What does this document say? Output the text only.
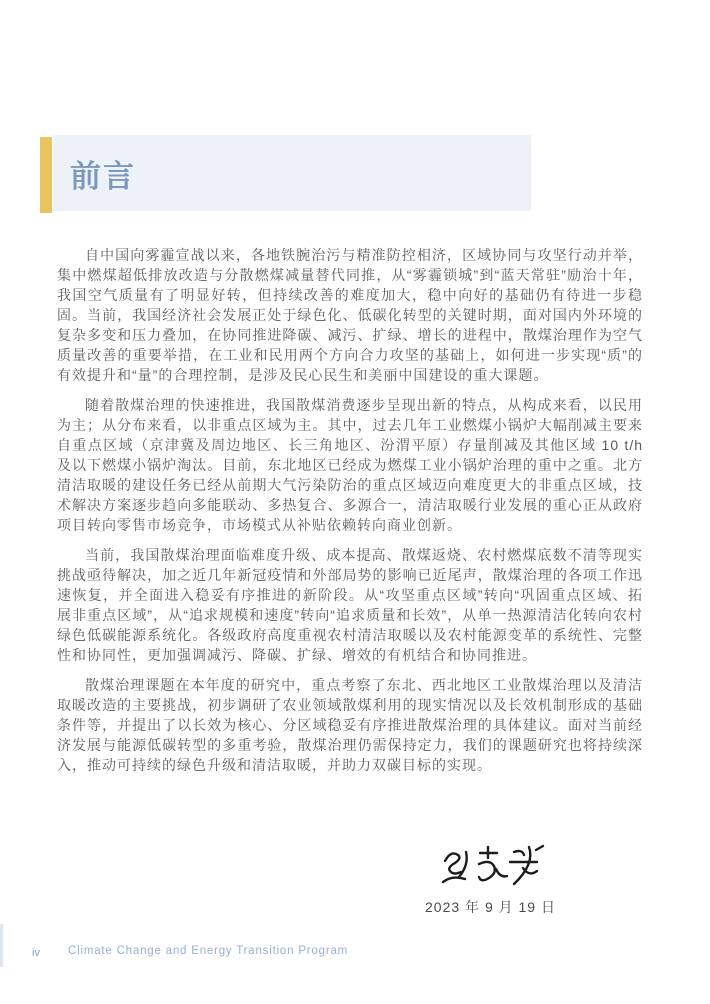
前言

自中国向雾霾宣战以来，各地铁腕治污与精准防控相济，区域协同与攻坚行动并举，集中燃煤超低排放改造与分散燃煤减量替代同推，从“雾霾锁城”到“蓝天常驻”励治十年，我国空气质量有了明显好转，但持续改善的难度加大，稳中向好的基础仍有待进一步稳固。当前，我国经济社会发展正处于绿色化、低碳化转型的关键时期，面对国内外环境的复杂多变和压力叠加，在协同推进降碳、减污、扩绿、增长的进程中，散煤治理作为空气质量改善的重要举措，在工业和民用两个方向合力攻坚的基础上，如何进一步实现“质”的有效提升和“量”的合理控制，是涉及民心民生和美丽中国建设的重大课题。

随着散煤治理的快速推进，我国散煤消费逐步呈现出新的特点，从构成来看，以民用为主；从分布来看，以非重点区域为主。其中，过去几年工业燃煤小锅炉大幅削减主要来自重点区域（京津冀及周边地区、长三角地区、汾渭平原）存量削减及其他区域 10 t/h 及以下燃煤小锅炉淘汰。目前，东北地区已经成为燃煤工业小锅炉治理的重中之重。北方清洁取暖的建设任务已经从前期大气污染防治的重点区域迈向难度更大的非重点区域，技术解决方案逐步趋向多能联动、多热复合、多源合一，清洁取暖行业发展的重心正从政府项目转向零售市场竞争，市场模式从补贴依赖转向商业创新。

当前，我国散煤治理面临难度升级、成本提高、散煤返烧、农村燃煤底数不清等现实挑战亟待解决，加之近几年新冠疫情和外部局势的影响已近尾声，散煤治理的各项工作迅速恢复，并全面进入稳妥有序推进的新阶段。从“攻坚重点区域”转向“巩固重点区域、拓展非重点区域”，从“追求规模和速度”转向“追求质量和长效”，从单一热源清洁化转向农村绿色低碳能源系统化。各级政府高度重视农村清洁取暖以及农村能源变革的系统性、完整性和协同性，更加强调减污、降碳、扩绿、增效的有机结合和协同推进。

散煤治理课题在本年度的研究中，重点考察了东北、西北地区工业散煤治理以及清洁取暖改造的主要挑战，初步调研了农业领域散煤利用的现实情况以及长效机制形成的基础条件等，并提出了以长效为核心、分区域稳妥有序推进散煤治理的具体建议。面对当前经济发展与能源低碳转型的多重考验，散煤治理仍需保持定力，我们的课题研究也将持续深入，推动可持续的绿色升级和清洁取暖，并助力双碳目标的实现。

2023 年 9 月 19 日
iv Climate Change and Energy Transition Program
